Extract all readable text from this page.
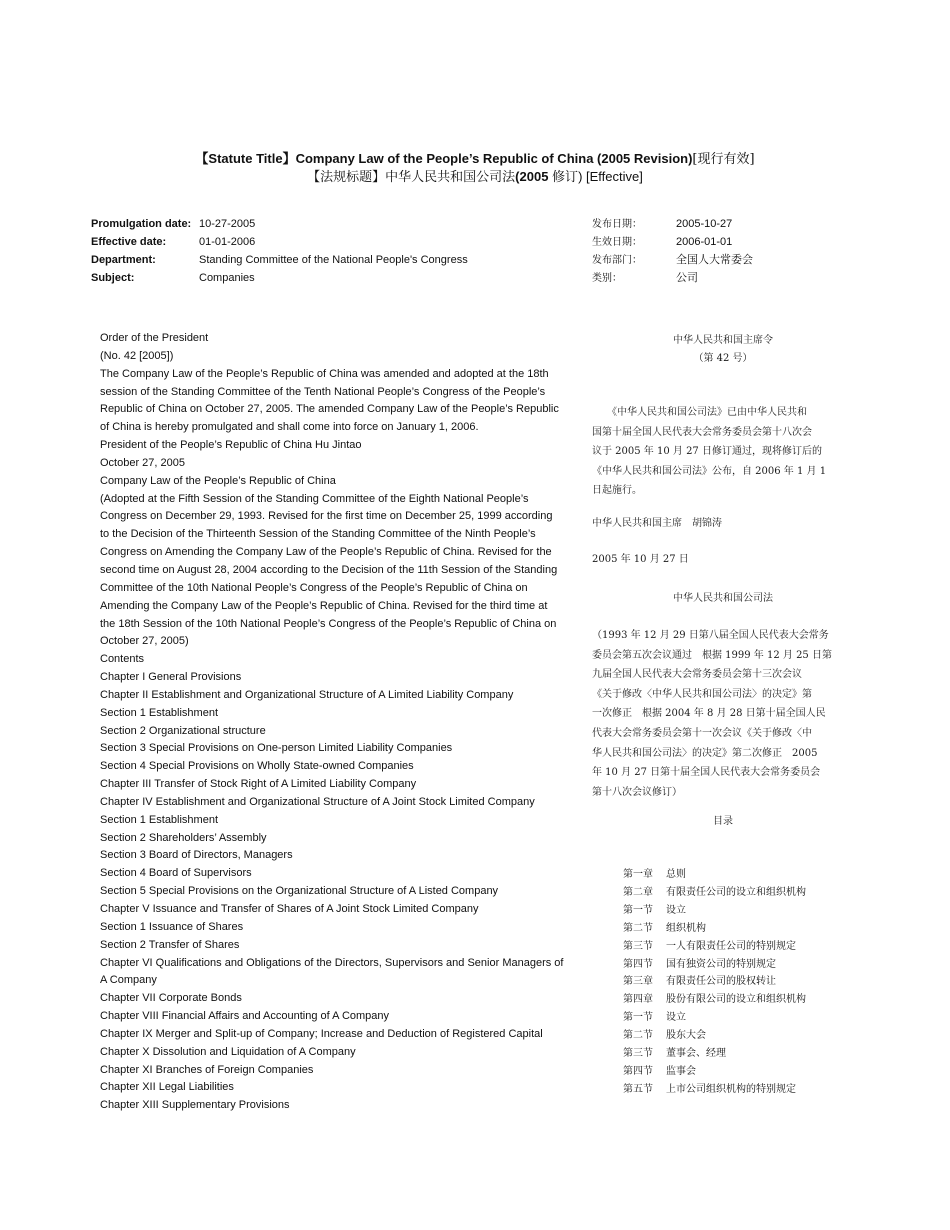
【Statute Title】Company Law of the People’s Republic of China (2005 Revision)[现行有效]
【法规标题】中华人民共和国公司法(2005 修订) [Effective]
Promulgation date: 10-27-2005
Effective date:	01-01-2006
Department:	Standing Committee of the National People's Congress
Subject:	Companies
发布日期：	2005-10-27
生效日期：	2006-01-01
发布部门：	全国人大常委会
类别：	公司
Order of the President
(No. 42 [2005])
The Company Law of the People’s Republic of China was amended and adopted at the 18th
session of the Standing Committee of the Tenth National People’s Congress of the People’s
Republic of China on October 27, 2005. The amended Company Law of the People’s Republic
of China is hereby promulgated and shall come into force on January 1, 2006.
President of the People’s Republic of China Hu Jintao
October 27, 2005
Company Law of the People’s Republic of China
(Adopted at the Fifth Session of the Standing Committee of the Eighth National People’s
Congress on December 29, 1993. Revised for the first time on December 25, 1999 according
to the Decision of the Thirteenth Session of the Standing Committee of the Ninth People’s
Congress on Amending the Company Law of the People’s Republic of China. Revised for the
second time on August 28, 2004 according to the Decision of the 11th Session of the Standing
Committee of the 10th National People’s Congress of the People’s Republic of China on
Amending the Company Law of the People’s Republic of China. Revised for the third time at
the 18th Session of the 10th National People’s Congress of the People’s Republic of China on
October 27, 2005)
Contents
Chapter I General Provisions
Chapter II Establishment and Organizational Structure of A Limited Liability Company
Section 1 Establishment
Section 2 Organizational structure
Section 3 Special Provisions on One-person Limited Liability Companies
Section 4 Special Provisions on Wholly State-owned Companies
Chapter III Transfer of Stock Right of A Limited Liability Company
Chapter IV Establishment and Organizational Structure of A Joint Stock Limited Company
Section 1 Establishment
Section 2 Shareholders’ Assembly
Section 3 Board of Directors, Managers
Section 4 Board of Supervisors
Section 5 Special Provisions on the Organizational Structure of A Listed Company
Chapter V Issuance and Transfer of Shares of A Joint Stock Limited Company
Section 1 Issuance of Shares
Section 2 Transfer of Shares
Chapter VI Qualifications and Obligations of the Directors, Supervisors and Senior Managers of
A Company
Chapter VII Corporate Bonds
Chapter VIII Financial Affairs and Accounting of A Company
Chapter IX Merger and Split-up of Company; Increase and Deduction of Registered Capital
Chapter X Dissolution and Liquidation of A Company
Chapter XI Branches of Foreign Companies
Chapter XII Legal Liabilities
Chapter XIII Supplementary Provisions
中华人民共和国主席令
（第 42 号）
　　《中华人民共和国公司法》已由中华人民共和
国第十届全国人民代表大会常务委员会第十八次会
议于 2005 年 10 月 27 日修订通过，现将修订后的
《中华人民共和国公司法》公布，自 2006 年 1 月 1
日起施行。
中华人民共和国主席　胡锦涛
2005 年 10 月 27 日
中华人民共和国公司法
（1993 年 12 月 29 日第八届全国人民代表大会常务
委员会第五次会议通过　根据 1999 年 12 月 25 日第
九届全国人民代表大会常务委员会第十三次会议
《关于修改〈中华人民共和国公司法〉的决定》第
一次修正　根据 2004 年 8 月 28 日第十届全国人民
代表大会常务委员会第十一次会议《关于修改〈中
华人民共和国公司法〉的决定》第二次修正　2005
年 10 月 27 日第十届全国人民代表大会常务委员会
第十八次会议修订）
目录
第一章 总则
第二章 有限责任公司的设立和组织机构
第一节 设立
第二节 组织机构
第三节 一人有限责任公司的特别规定
第四节 国有独资公司的特别规定
第三章 有限责任公司的股权转让
第四章 股份有限公司的设立和组织机构
第一节 设立
第二节 股东大会
第三节 董事会、经理
第四节 监事会
第五节 上市公司组织机构的特别规定
